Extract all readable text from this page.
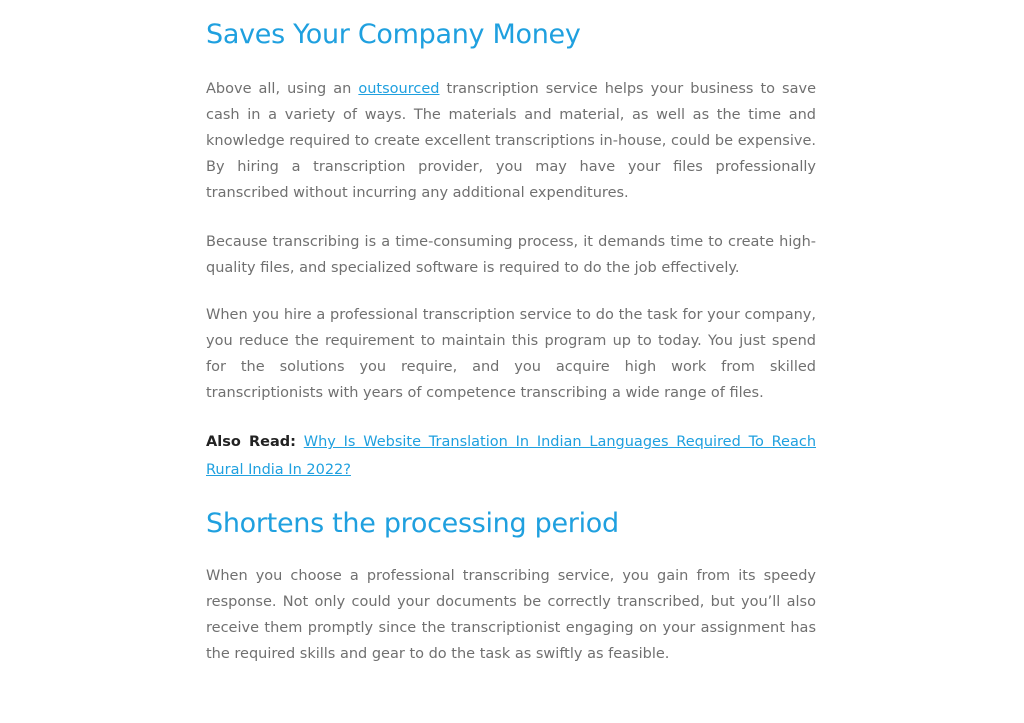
Saves Your Company Money

Above all, using an outsourced transcription service helps your business to save cash in a variety of ways. The materials and material, as well as the time and knowledge required to create excellent transcriptions in-house, could be expensive. By hiring a transcription provider, you may have your files professionally transcribed without incurring any additional expenditures.

Because transcribing is a time-consuming process, it demands time to create high-quality files, and specialized software is required to do the job effectively.

When you hire a professional transcription service to do the task for your company, you reduce the requirement to maintain this program up to today. You just spend for the solutions you require, and you acquire high work from skilled transcriptionists with years of competence transcribing a wide range of files.

Also Read: Why Is Website Translation In Indian Languages Required To Reach Rural India In 2022?

Shortens the processing period

When you choose a professional transcribing service, you gain from its speedy response. Not only could your documents be correctly transcribed, but you’ll also receive them promptly since the transcriptionist engaging on your assignment has the required skills and gear to do the task as swiftly as feasible.
